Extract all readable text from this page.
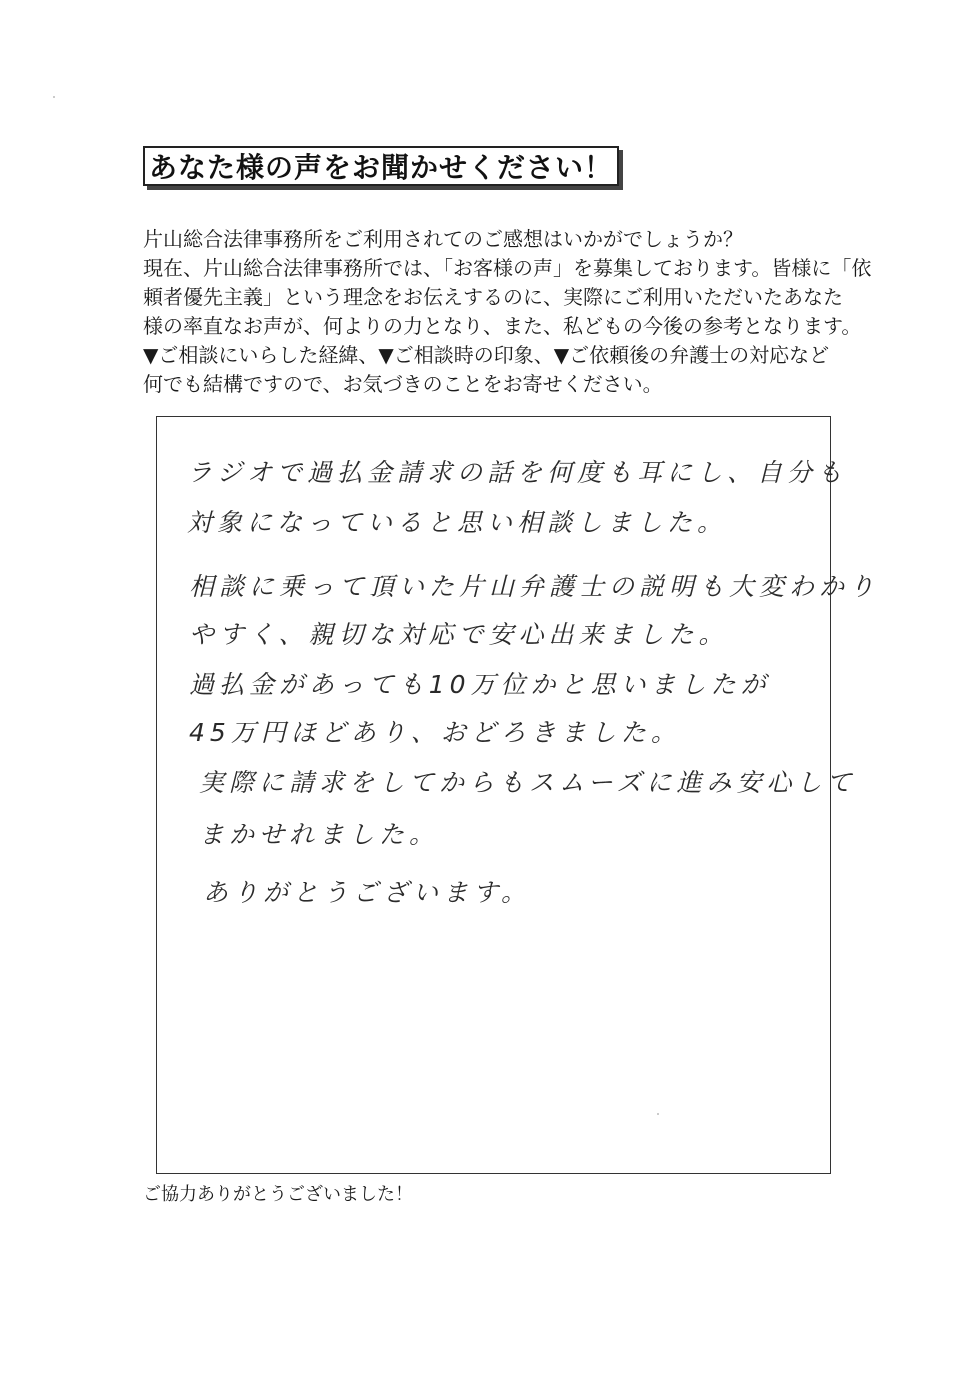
あなた様の声をお聞かせください！
片山総合法律事務所をご利用されてのご感想はいかがでしょうか？
現在、片山総合法律事務所では、「お客様の声」を募集しております。皆様に「依
頼者優先主義」という理念をお伝えするのに、実際にご利用いただいたあなた
様の率直なお声が、何よりの力となり、また、私どもの今後の参考となります。
▼ご相談にいらした経緯、▼ご相談時の印象、▼ご依頼後の弁護士の対応など
何でも結構ですので、お気づきのことをお寄せください。
ラジオで過払金請求の話を何度も耳にし、自分も
対象になっていると思い相談しました。
相談に乗って頂いた片山弁護士の説明も大変わかり
やすく、親切な対応で安心出来ました。
過払金があっても10万位かと思いましたが
45万円ほどあり、おどろきました。
実際に請求をしてからもスムーズに進み安心して
まかせれました。
ありがとうございます。
ご協力ありがとうございました！
